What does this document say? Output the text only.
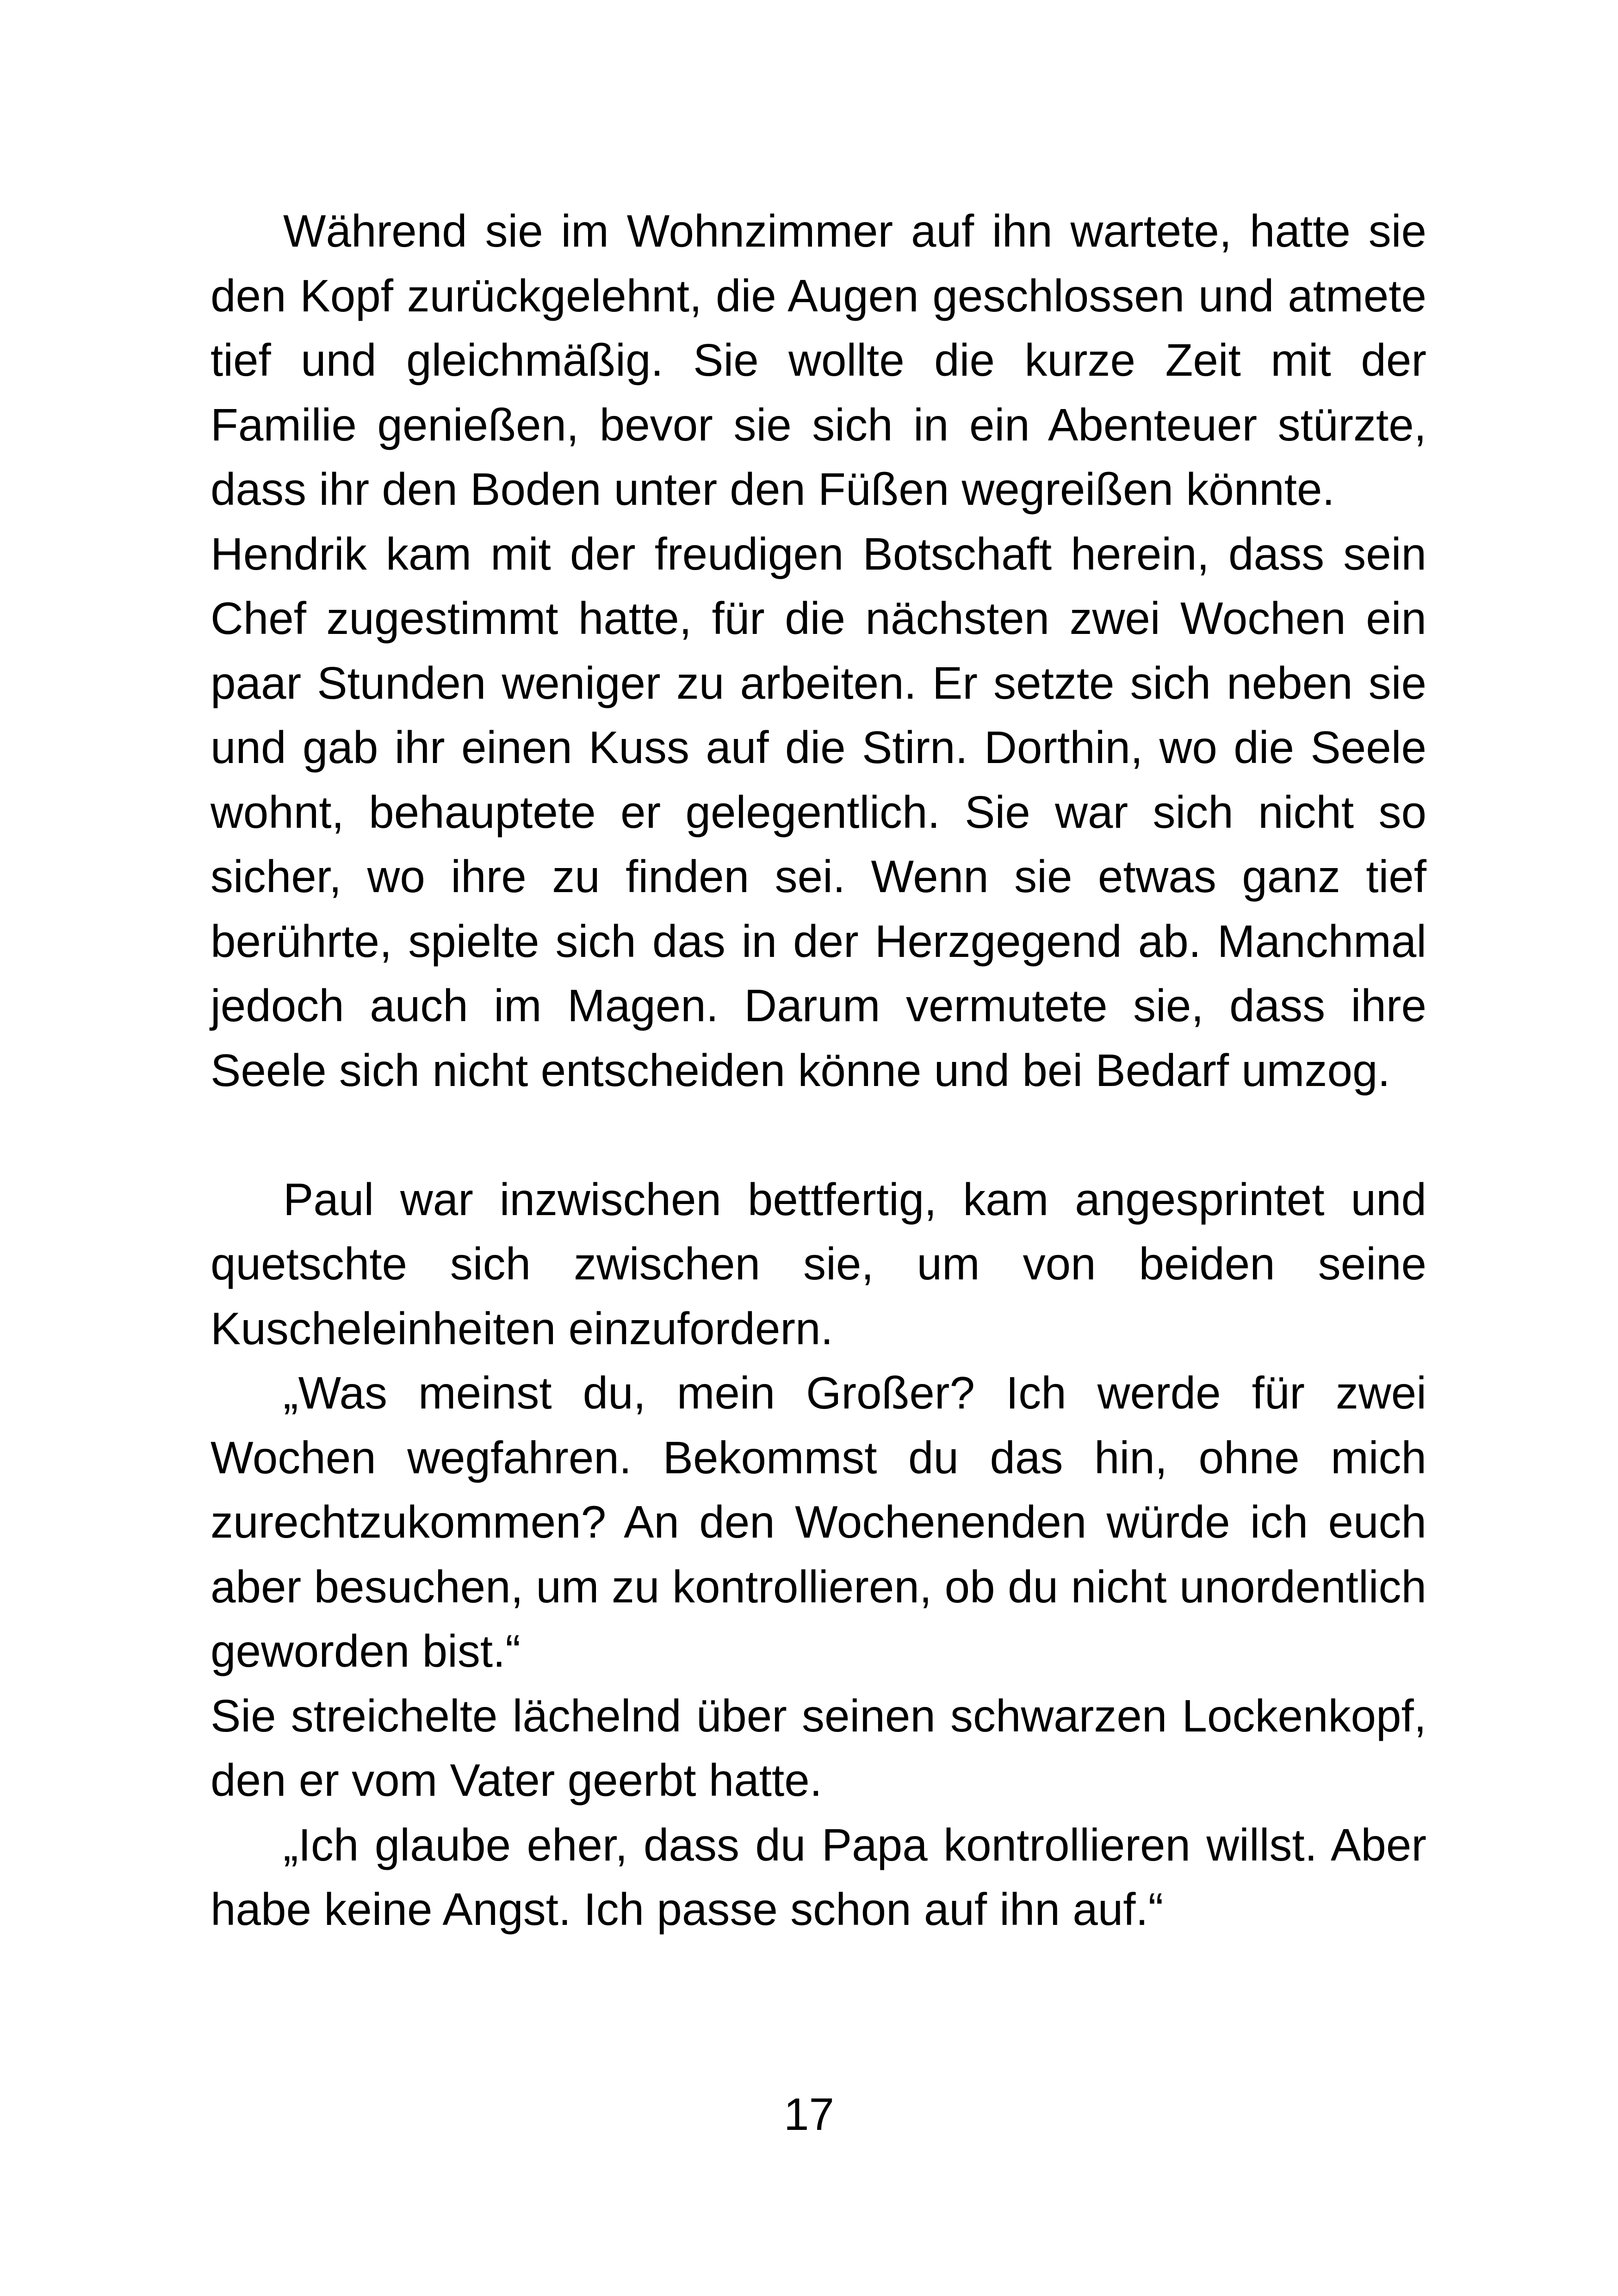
Während sie im Wohnzimmer auf ihn wartete, hatte sie den Kopf zurückgelehnt, die Augen geschlossen und atmete tief und gleichmäßig. Sie wollte die kurze Zeit mit der Familie genießen, bevor sie sich in ein Abenteuer stürzte, dass ihr den Boden unter den Füßen wegreißen könnte.

Hendrik kam mit der freudigen Botschaft herein, dass sein Chef zugestimmt hatte, für die nächsten zwei Wochen ein paar Stunden weniger zu arbeiten. Er setzte sich neben sie und gab ihr einen Kuss auf die Stirn. Dorthin, wo die Seele wohnt, behauptete er gelegentlich. Sie war sich nicht so sicher, wo ihre zu finden sei. Wenn sie etwas ganz tief berührte, spielte sich das in der Herzgegend ab. Manchmal jedoch auch im Magen. Darum vermutete sie, dass ihre Seele sich nicht entscheiden könne und bei Bedarf umzog.

Paul war inzwischen bettfertig, kam angesprintet und quetschte sich zwischen sie, um von beiden seine Kuscheleinheiten einzufordern.

„Was meinst du, mein Großer? Ich werde für zwei Wochen wegfahren. Bekommst du das hin, ohne mich zurechtzukommen? An den Wochenenden würde ich euch aber besuchen, um zu kontrollieren, ob du nicht unordentlich geworden bist.“

Sie streichelte lächelnd über seinen schwarzen Lockenkopf, den er vom Vater geerbt hatte.

„Ich glaube eher, dass du Papa kontrollieren willst. Aber habe keine Angst. Ich passe schon auf ihn auf.“

17
